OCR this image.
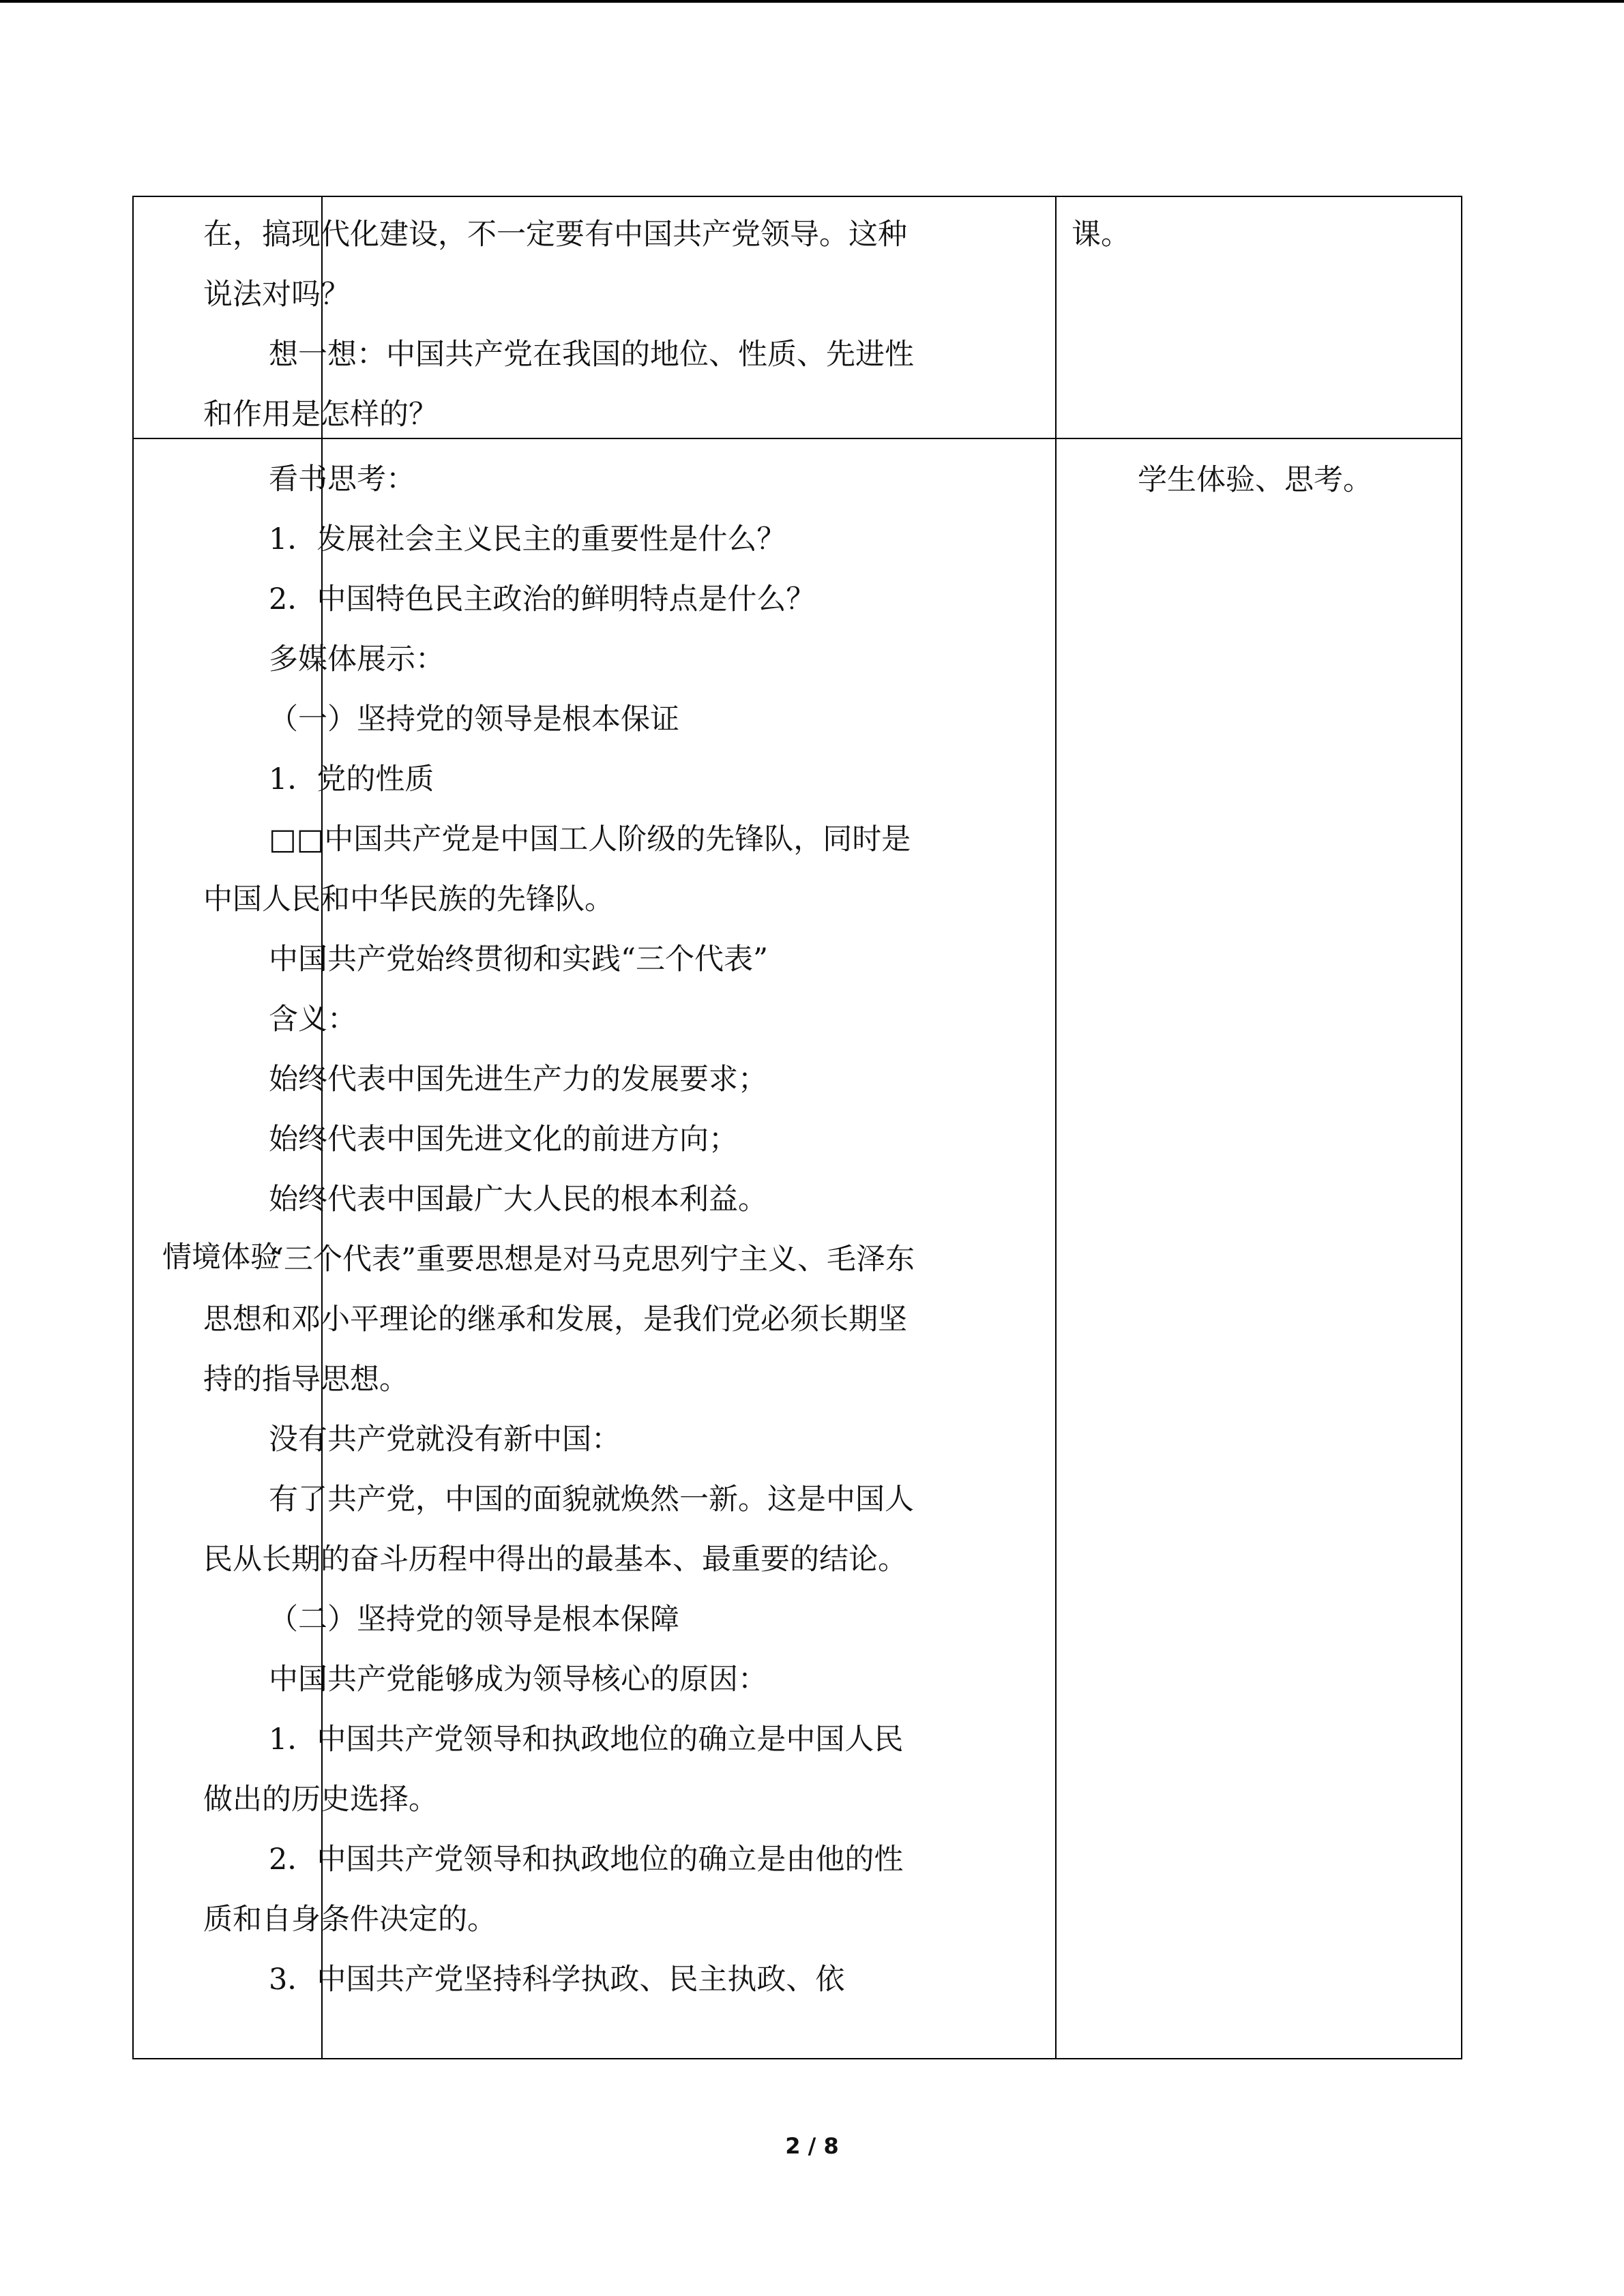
在，搞现代化建设，不一定要有中国共产党领导。这种说法对吗？

想一想：中国共产党在我国的地位、性质、先进性和作用是怎样的？

课。
情境体验
学生体验、思考。

看书思考：

1．发展社会主义民主的重要性是什么？

2．中国特色民主政治的鲜明特点是什么？

多媒体展示：

（一）坚持党的领导是根本保证

1．党的性质

□□中国共产党是中国工人阶级的先锋队，同时是中国人民和中华民族的先锋队。

中国共产党始终贯彻和实践“三个代表”

含义：

始终代表中国先进生产力的发展要求；

始终代表中国先进文化的前进方向；

始终代表中国最广大人民的根本利益。

“三个代表”重要思想是对马克思列宁主义、毛泽东思想和邓小平理论的继承和发展，是我们党必须长期坚持的指导思想。

没有共产党就没有新中国：

有了共产党，中国的面貌就焕然一新。这是中国人民从长期的奋斗历程中得出的最基本、最重要的结论。

（二）坚持党的领导是根本保障

中国共产党能够成为领导核心的原因：

1．中国共产党领导和执政地位的确立是中国人民做出的历史选择。

2．中国共产党领导和执政地位的确立是由他的性质和自身条件决定的。

3．中国共产党坚持科学执政、民主执政、依

2 / 8
